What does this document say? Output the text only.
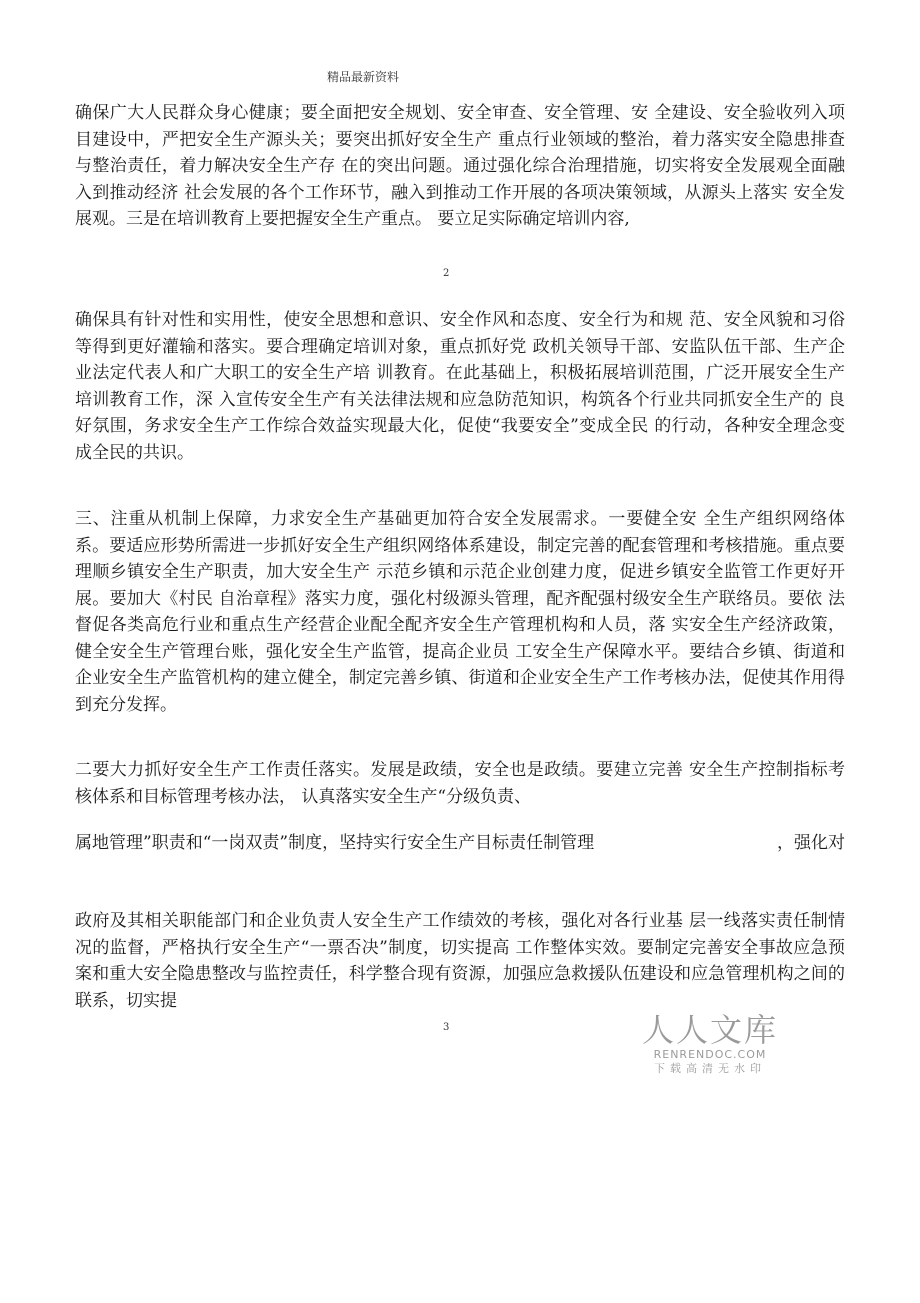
精品最新资料

确保广大人民群众身心健康；要全面把安全规划、安全审查、安全管理、安 全建设、安全验收列入项目建设中，严把安全生产源头关；要突出抓好安全生产 重点行业领域的整治，着力落实安全隐患排查与整治责任，着力解决安全生产存 在的突出问题。通过强化综合治理措施，切实将安全发展观全面融入到推动经济 社会发展的各个工作环节，融入到推动工作开展的各项决策领域，从源头上落实 安全发展观。三是在培训教育上要把握安全生产重点。 要立足实际确定培训内容,

2

确保具有针对性和实用性，使安全思想和意识、安全作风和态度、安全行为和规 范、安全风貌和习俗等得到更好灌输和落实。要合理确定培训对象，重点抓好党 政机关领导干部、安监队伍干部、生产企业法定代表人和广大职工的安全生产培 训教育。在此基础上，积极拓展培训范围，广泛开展安全生产培训教育工作，深 入宣传安全生产有关法律法规和应急防范知识，构筑各个行业共同抓安全生产的 良好氛围，务求安全生产工作综合效益实现最大化，促使“我要安全”变成全民 的行动，各种安全理念变成全民的共识。

三、注重从机制上保障，力求安全生产基础更加符合安全发展需求。一要健全安 全生产组织网络体系。要适应形势所需进一步抓好安全生产组织网络体系建设，制定完善的配套管理和考核措施。重点要理顺乡镇安全生产职责，加大安全生产 示范乡镇和示范企业创建力度，促进乡镇安全监管工作更好开展。要加大《村民 自治章程》落实力度，强化村级源头管理，配齐配强村级安全生产联络员。要依 法督促各类高危行业和重点生产经营企业配全配齐安全生产管理机构和人员，落 实安全生产经济政策，健全安全生产管理台账，强化安全生产监管，提高企业员 工安全生产保障水平。要结合乡镇、街道和企业安全生产监管机构的建立健全，制定完善乡镇、街道和企业安全生产工作考核办法，促使其作用得到充分发挥。

二要大力抓好安全生产工作责任落实。发展是政绩，安全也是政绩。要建立完善 安全生产控制指标考核体系和目标管理考核办法， 认真落实安全生产“分级负责、

，强化对
属地管理”职责和“一岗双责”制度，坚持实行安全生产目标责任制管理

政府及其相关职能部门和企业负责人安全生产工作绩效的考核，强化对各行业基 层一线落实责任制情况的监督，严格执行安全生产“一票否决”制度，切实提高 工作整体实效。要制定完善安全事故应急预案和重大安全隐患整改与监控责任，科学整合现有资源，加强应急救援队伍建设和应急管理机构之间的联系，切实提

3	人人文库
RENRENDOC.COM
下载高清无水印
